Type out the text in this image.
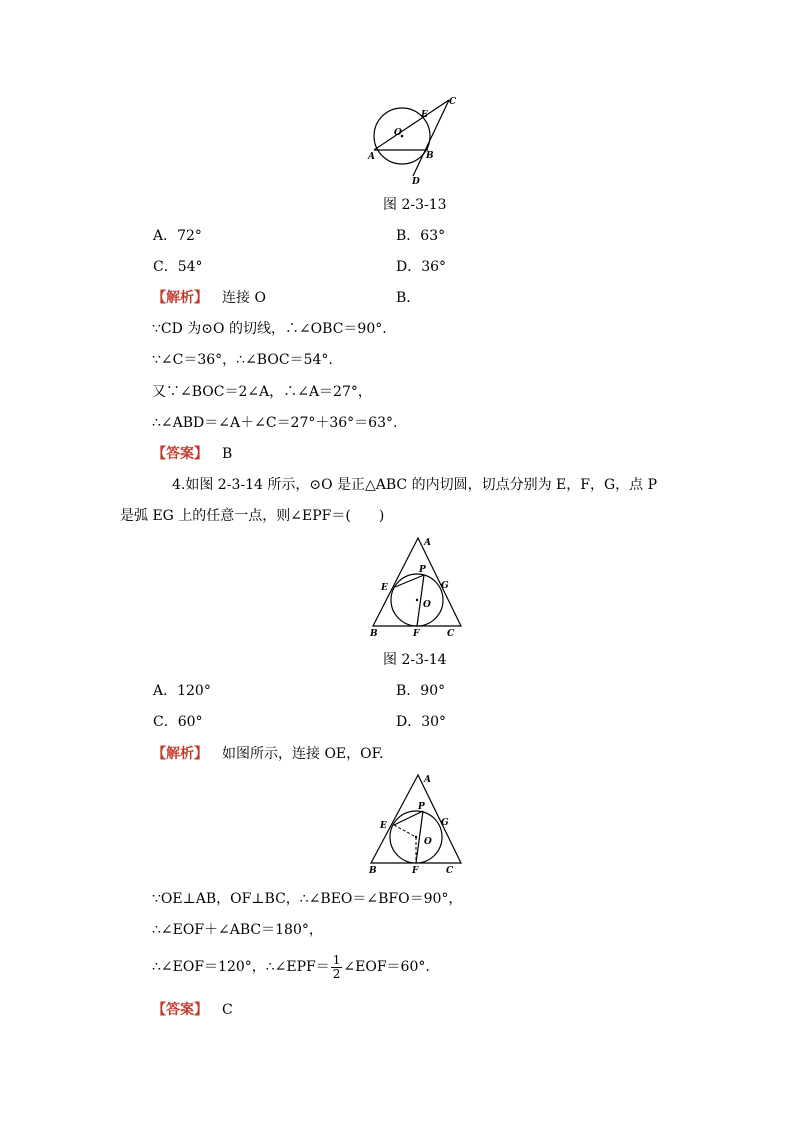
O
E
C
A	B
D
图 2-3-13
A．72°	B．63°
C．54°	D．36°
【解析】 连接 O	B.
∵CD 为⊙O 的切线，∴∠OBC＝90°.
∵∠C＝36°，∴∠BOC＝54°.
又∵∠BOC＝2∠A，∴∠A＝27°，
∴∠ABD＝∠A＋∠C＝27°＋36°＝63°.
【答案】 B
4.如图 2-3-14 所示，⊙O 是正△ABC 的内切圆，切点分别为 E，F，G，点 P
是弧 EG 上的任意一点，则∠EPF＝(　　)
A
P
E	G
O
B	F	C
图 2-3-14
A．120°	B．90°
C．60°	D．30°
【解析】 如图所示，连接 OE，OF.
A
P
E	G
O
B	F	C
∵OE⊥AB，OF⊥BC，∴∠BEO＝∠BFO＝90°，
∴∠EOF＋∠ABC＝180°，
∴∠EOF＝120°，∴∠EPF＝ $\frac{1}{2}$ ∠EOF＝60°.
【答案】 C
